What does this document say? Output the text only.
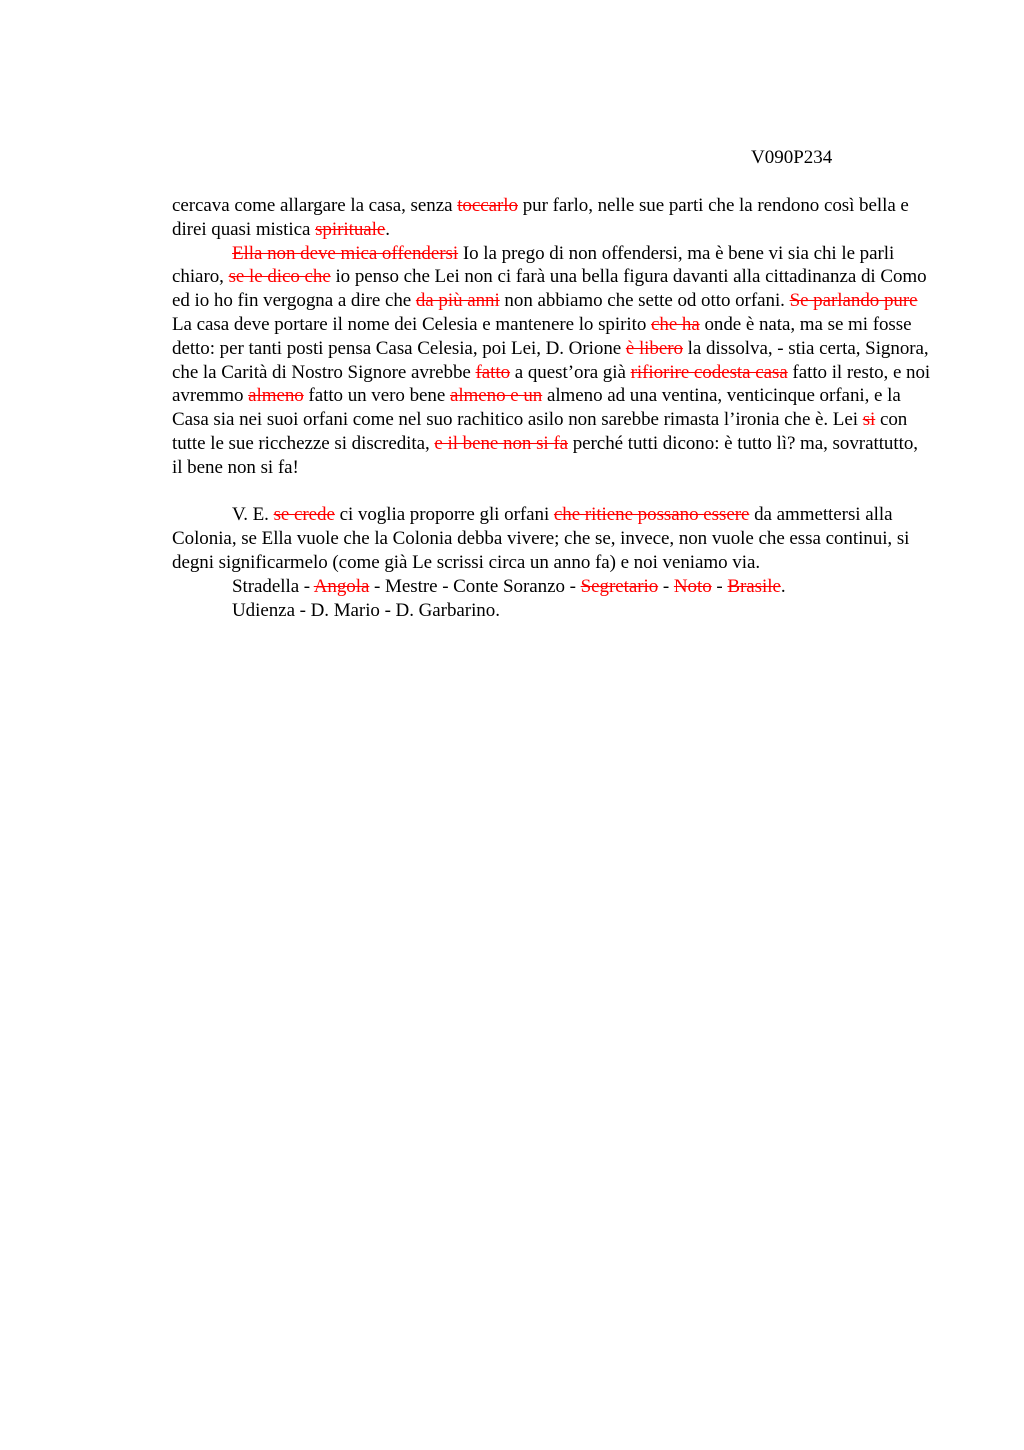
V090P234

cercava come allargare la casa, senza toccarlo pur farlo, nelle sue parti che la rendono così bella e direi quasi mistica spirituale.

Ella non deve mica offendersi Io la prego di non offendersi, ma è bene vi sia chi le parli chiaro, se le dico che io penso che Lei non ci farà una bella figura davanti alla cittadinanza di Como ed io ho fin vergogna a dire che da più anni non abbiamo che sette od otto orfani. Se parlando pure La casa deve portare il nome dei Celesia e mantenere lo spirito che ha onde è nata, ma se mi fosse detto: per tanti posti pensa Casa Celesia, poi Lei, D. Orione è libero la dissolva, - stia certa, Signora, che la Carità di Nostro Signore avrebbe fatto a quest’ora già rifiorire codesta casa fatto il resto, e noi avremmo almeno fatto un vero bene almeno e un almeno ad una ventina, venticinque orfani, e la Casa sia nei suoi orfani come nel suo rachitico asilo non sarebbe rimasta l’ironia che è. Lei si con tutte le sue ricchezze si discredita, e il bene non si fa perché tutti dicono: è tutto lì? ma, sovrattutto, il bene non si fa!

V. E. se crede ci voglia proporre gli orfani che ritiene possano essere da ammettersi alla Colonia, se Ella vuole che la Colonia debba vivere; che se, invece, non vuole che essa continui, si degni significarmelo (come già Le scrissi circa un anno fa) e noi veniamo via.

Stradella - Angola - Mestre - Conte Soranzo - Segretario - Noto - Brasile.

Udienza - D. Mario - D. Garbarino.
